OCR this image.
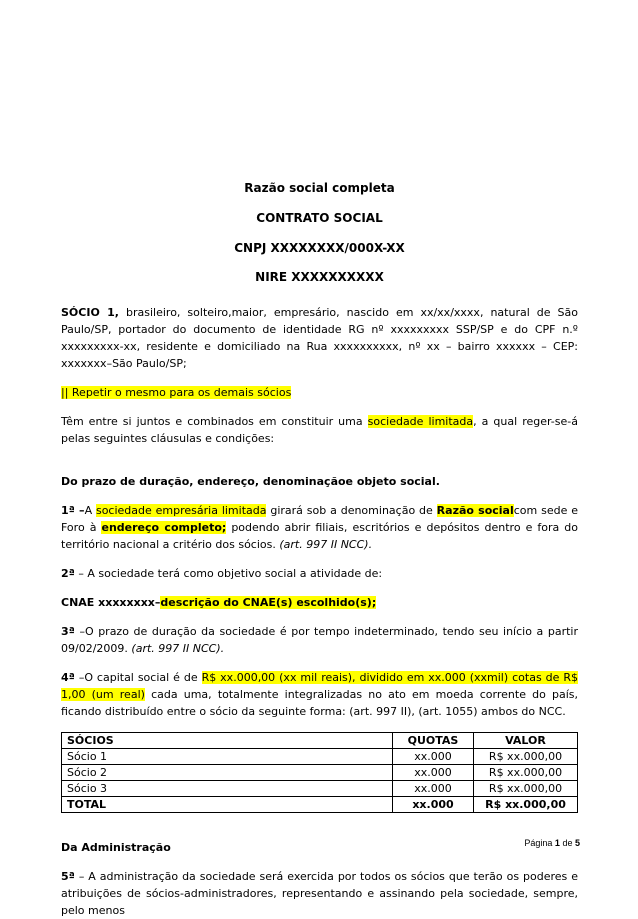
Razão social completa
CONTRATO SOCIAL
CNPJ XXXXXXXX/000X-XX
NIRE XXXXXXXXXX

SÓCIO 1, brasileiro, solteiro,maior, empresário, nascido em xx/xx/xxxx, natural de São Paulo/SP, portador do documento de identidade RG nº xxxxxxxxx SSP/SP e do CPF n.º xxxxxxxxx-xx, residente e domiciliado na Rua xxxxxxxxxx, nº xx – bairro xxxxxx – CEP: xxxxxxx–São Paulo/SP;

|| Repetir o mesmo para os demais sócios

Têm entre si juntos e combinados em constituir uma sociedade limitada, a qual reger-se-á pelas seguintes cláusulas e condições:

Do prazo de duração, endereço, denominaçãoe objeto social.

1ª –A sociedade empresária limitada girará sob a denominação de Razão socialcom sede e Foro à endereço completo; podendo abrir filiais, escritórios e depósitos dentro e fora do território nacional a critério dos sócios. (art. 997 II NCC).

2ª – A sociedade terá como objetivo social a atividade de:

CNAE xxxxxxxx–descrição do CNAE(s) escolhido(s);

3ª –O prazo de duração da sociedade é por tempo indeterminado, tendo seu início a partir 09/02/2009. (art. 997 II NCC).

4ª –O capital social é de R$ xx.000,00 (xx mil reais), dividido em xx.000 (xxmil) cotas de R$ 1,00 (um real) cada uma, totalmente integralizadas no ato em moeda corrente do país, ficando distribuído entre o sócio da seguinte forma: (art. 997 II), (art. 1055) ambos do NCC.

SÓCIOS	QUOTAS	VALOR
Sócio 1	xx.000	R$ xx.000,00
Sócio 2	xx.000	R$ xx.000,00
Sócio 3	xx.000	R$ xx.000,00
TOTAL	xx.000	R$ xx.000,00

Da Administração

5ª – A administração da sociedade será exercida por todos os sócios que terão os poderes e atribuições de sócios-administradores, representando e assinando pela sociedade, sempre, pelo menos

Página 1 de 5
